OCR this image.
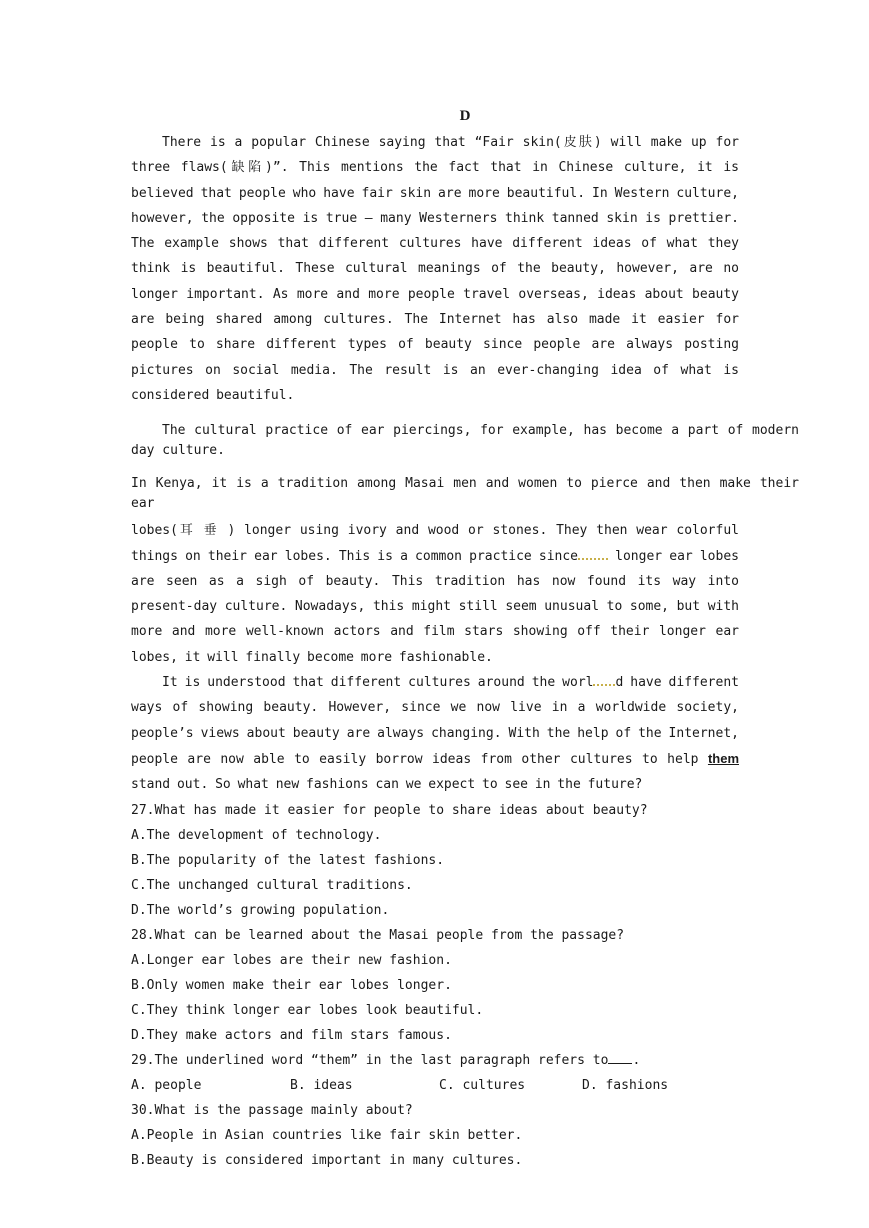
D

There is a popular Chinese saying that “Fair skin(皮肤) will make up for three flaws(缺陷)”. This mentions the fact that in Chinese culture, it is believed that people who have fair skin are more beautiful. In Western culture, however, the opposite is true — many Westerners think tanned skin is prettier. The example shows that different cultures have different ideas of what they think is beautiful. These cultural meanings of the beauty, however, are no longer important. As more and more people travel overseas, ideas about beauty are being shared among cultures. The Internet has also made it easier for people to share different types of beauty since people are always posting pictures on social media. The result is an ever-changing idea of what is considered beautiful.

The cultural practice of ear piercings, for example, has become a part of modern day culture.

In Kenya, it is a tradition among Masai men and women to pierce and then make their ear

lobes(耳 垂 ) longer using ivory and wood or stones. They then wear colorful things on their ear lobes. This is a common practice since longer ear lobes are seen as a sigh of beauty. This tradition has now found its way into present-day culture. Nowadays, this might still seem unusual to some, but with more and more well-known actors and film stars showing off their longer ear lobes, it will finally become more fashionable.

It is understood that different cultures around the worl d have different ways of showing beauty. However, since we now live in a worldwide society, people’s views about beauty are always changing. With the help of the Internet, people are now able to easily borrow ideas from other cultures to help them stand out. So what new fashions can we expect to see in the future?

27.What has made it easier for people to share ideas about beauty?

A.The development of technology.

B.The popularity of the latest fashions.

C.The unchanged cultural traditions.

D.The world’s growing population.

28.What can be learned about the Masai people from the passage?

A.Longer ear lobes are their new fashion.

B.Only women make their ear lobes longer.

C.They think longer ear lobes look beautiful.

D.They make actors and film stars famous.

29.The underlined word “them” in the last paragraph refers to .

A. people	B. ideas	C. cultures	D. fashions

30.What is the passage mainly about?

A.People in Asian countries like fair skin better.

B.Beauty is considered important in many cultures.
